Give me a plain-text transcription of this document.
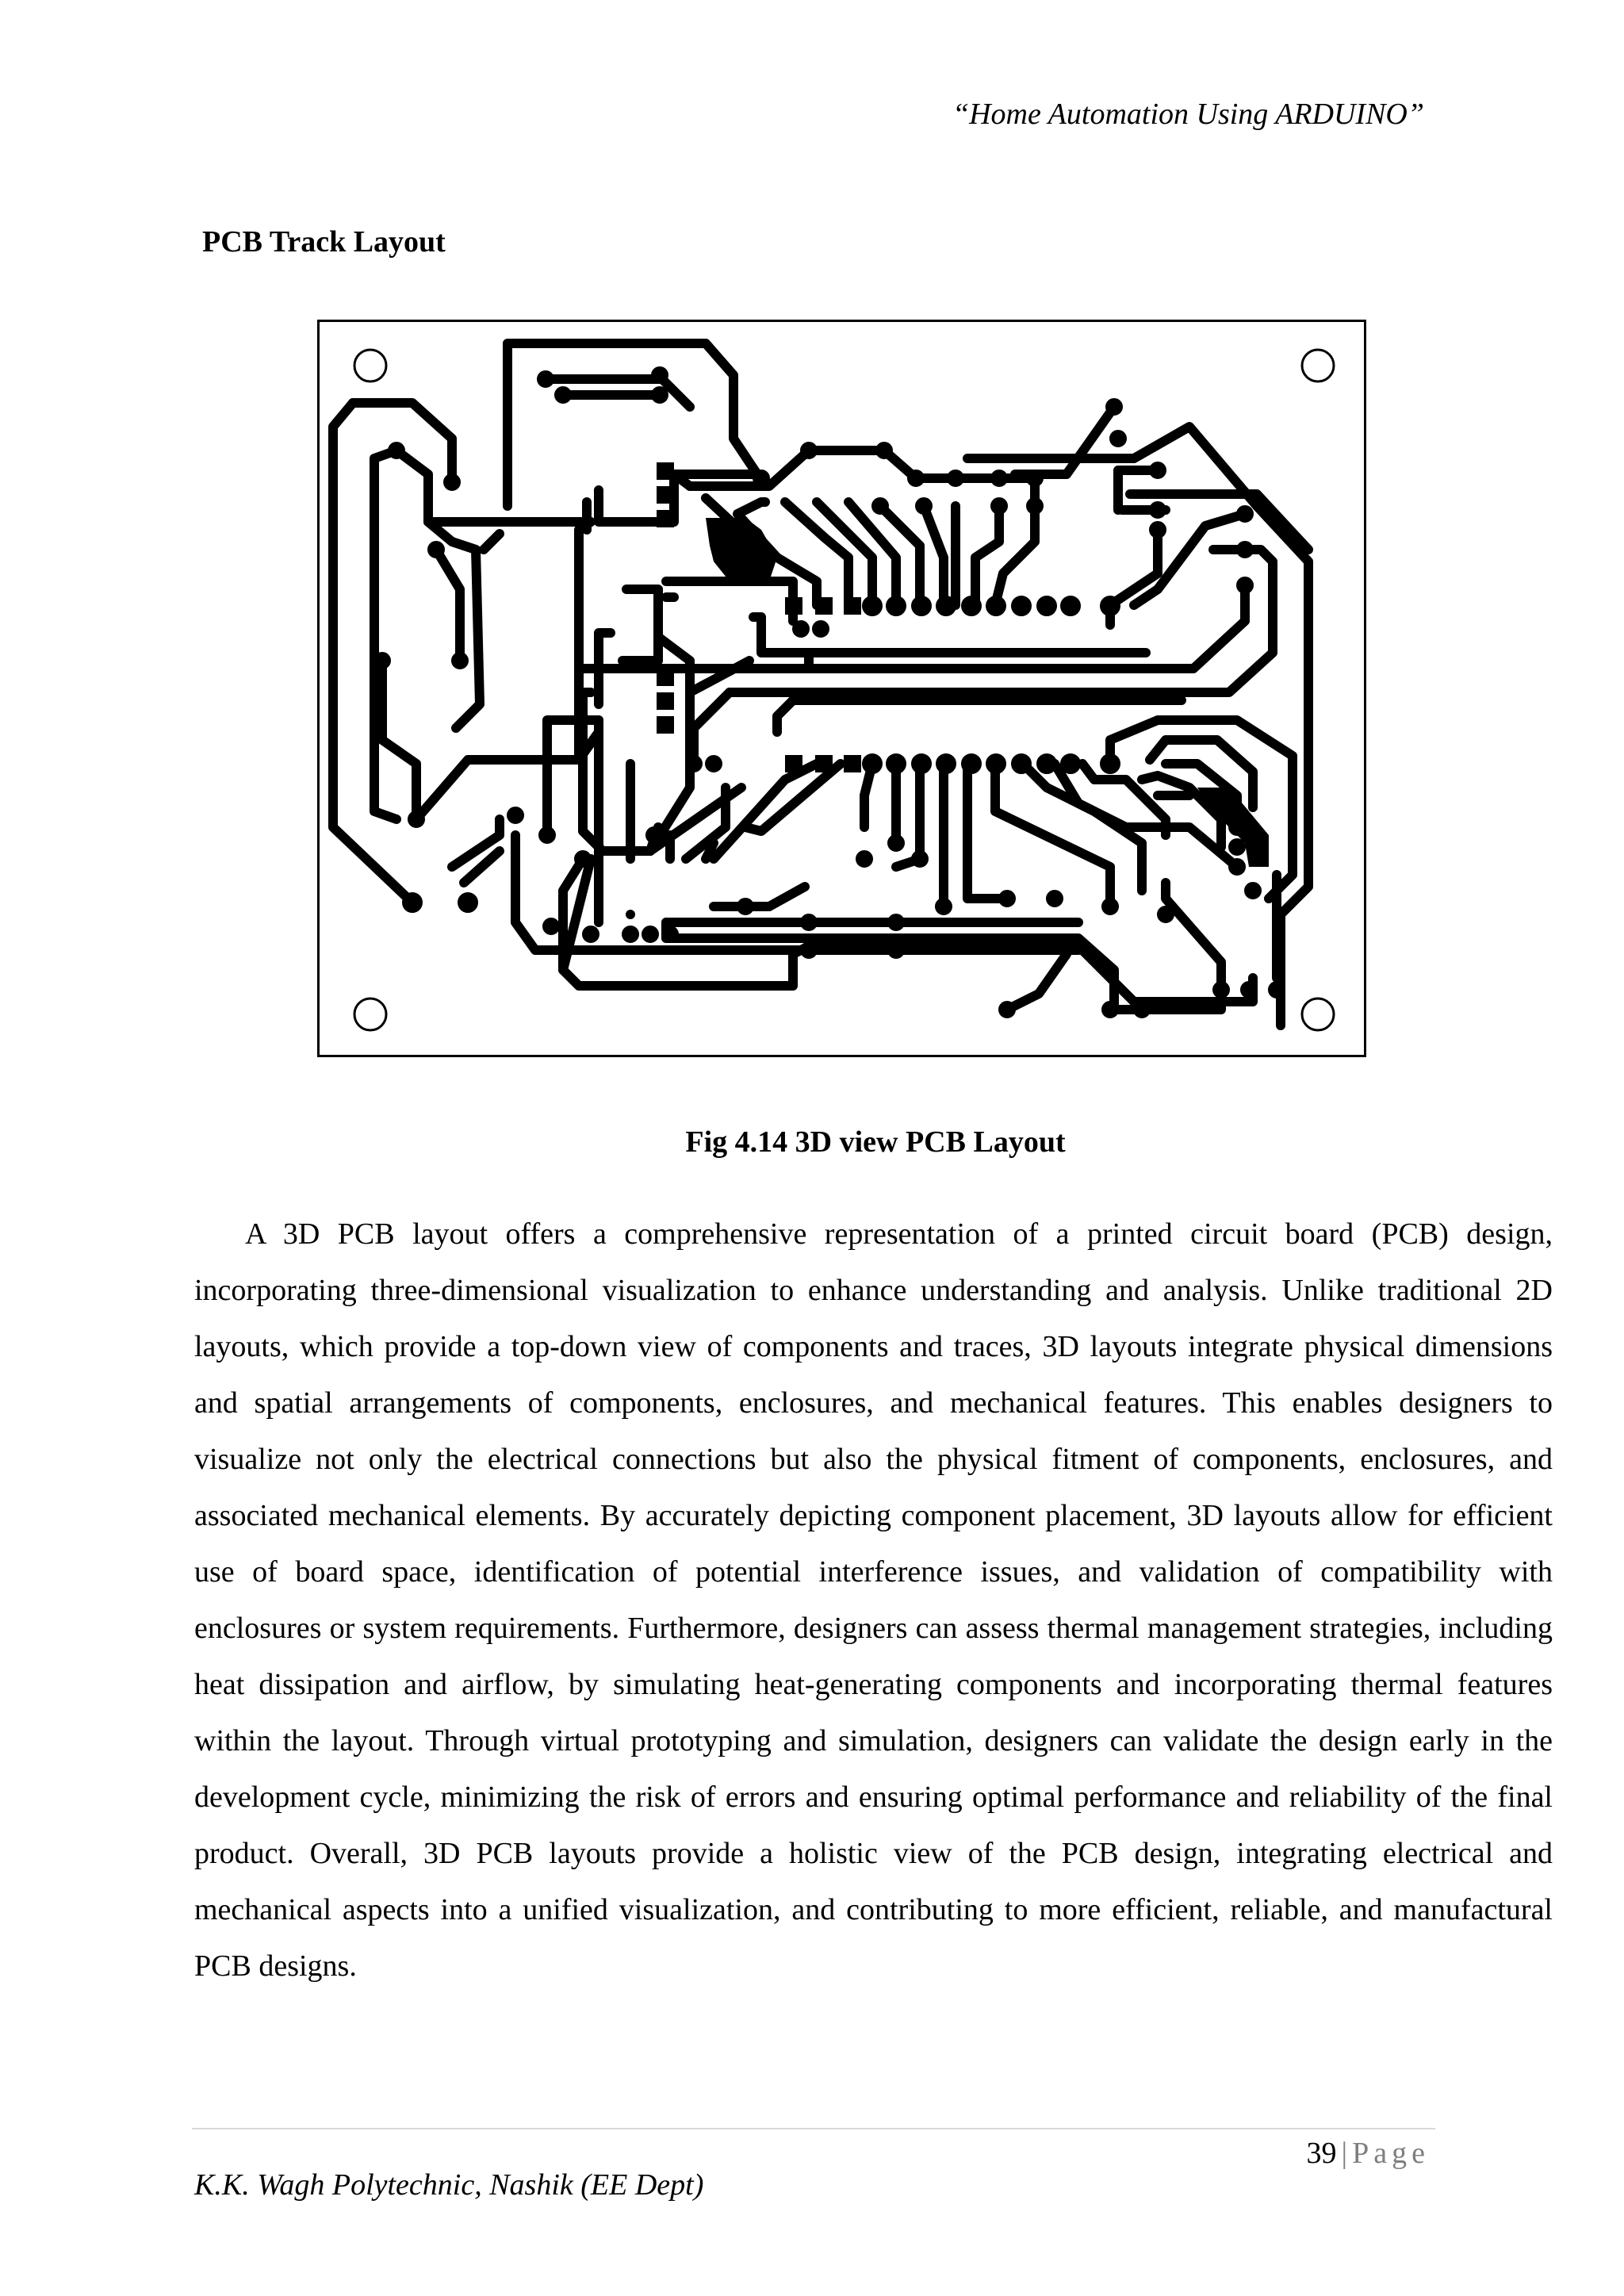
“Home Automation Using ARDUINO”
PCB Track Layout
Fig 4.14 3D view PCB Layout

A 3D PCB layout offers a comprehensive representation of a printed circuit board (PCB) design, incorporating three-dimensional visualization to enhance understanding and analysis. Unlike traditional 2D layouts, which provide a top-down view of components and traces, 3D layouts integrate physical dimensions and spatial arrangements of components, enclosures, and mechanical features. This enables designers to visualize not only the electrical connections but also the physical fitment of components, enclosures, and associated mechanical elements. By accurately depicting component placement, 3D layouts allow for efficient use of board space, identification of potential interference issues, and validation of compatibility with enclosures or system requirements. Furthermore, designers can assess thermal management strategies, including heat dissipation and airflow, by simulating heat-generating components and incorporating thermal features within the layout. Through virtual prototyping and simulation, designers can validate the design early in the development cycle, minimizing the risk of errors and ensuring optimal performance and reliability of the final product. Overall, 3D PCB layouts provide a holistic view of the PCB design, integrating electrical and mechanical aspects into a unified visualization, and contributing to more efficient, reliable, and manufactural PCB designs.

39 | Page
K.K. Wagh Polytechnic, Nashik (EE Dept)
